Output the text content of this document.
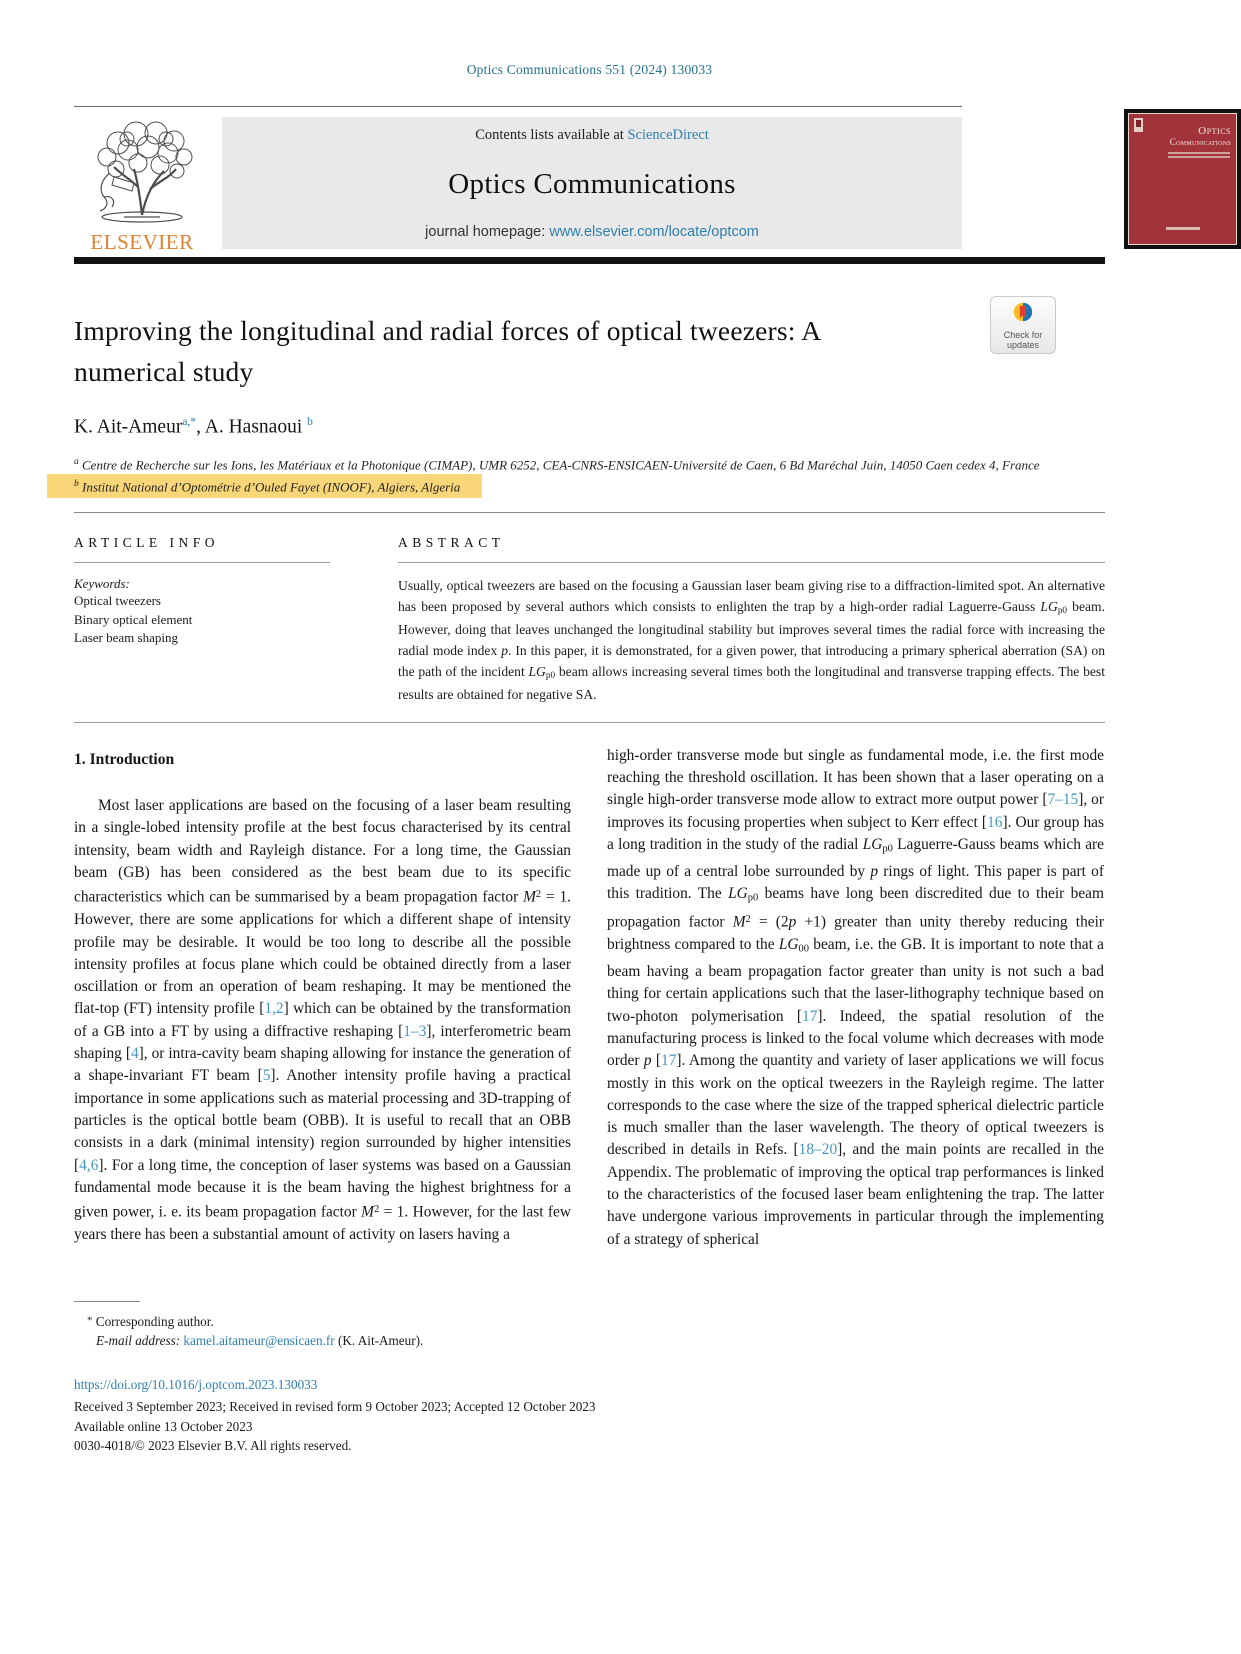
Optics Communications 551 (2024) 130033
ELSEVIER
Contents lists available at ScienceDirect
Optics Communications
journal homepage: www.elsevier.com/locate/optcom
Optics
Communications
Improving the longitudinal and radial forces of optical tweezers: A numerical study
Check for
updates
K. Ait-Ameur$^{a,*}$, A. Hasnaoui $^b$
$^a$ Centre de Recherche sur les Ions, les Matériaux et la Photonique (CIMAP), UMR 6252, CEA-CNRS-ENSICAEN-Université de Caen, 6 Bd Maréchal Juin, 14050 Caen cedex 4, France
$^b$ Institut National d’Optométrie d’Ouled Fayet (INOOF), Algiers, Algeria
ARTICLE INFO
Keywords:
Optical tweezers
Binary optical element
Laser beam shaping
ABSTRACT
Usually, optical tweezers are based on the focusing a Gaussian laser beam giving rise to a diffraction-limited spot. An alternative has been proposed by several authors which consists to enlighten the trap by a high-order radial Laguerre-Gauss LGp0 beam. However, doing that leaves unchanged the longitudinal stability but improves several times the radial force with increasing the radial mode index p. In this paper, it is demonstrated, for a given power, that introducing a primary spherical aberration (SA) on the path of the incident LGp0 beam allows increasing several times both the longitudinal and transverse trapping effects. The best results are obtained for negative SA.
1. Introduction

Most laser applications are based on the focusing of a laser beam resulting in a single-lobed intensity profile at the best focus characterised by its central intensity, beam width and Rayleigh distance. For a long time, the Gaussian beam (GB) has been considered as the best beam due to its specific characteristics which can be summarised by a beam propagation factor $M^2 = 1$. However, there are some applications for which a different shape of intensity profile may be desirable. It would be too long to describe all the possible intensity profiles at focus plane which could be obtained directly from a laser oscillation or from an operation of beam reshaping. It may be mentioned the flat-top (FT) intensity profile [1,2] which can be obtained by the transformation of a GB into a FT by using a diffractive reshaping [1–3], interferometric beam shaping [4], or intra-cavity beam shaping allowing for instance the generation of a shape-invariant FT beam [5]. Another intensity profile having a practical importance in some applications such as material processing and 3D-trapping of particles is the optical bottle beam (OBB). It is useful to recall that an OBB consists in a dark (minimal intensity) region surrounded by higher intensities [4,6]. For a long time, the conception of laser systems was based on a Gaussian fundamental mode because it is the beam having the highest brightness for a given power, i. e. its beam propagation factor $M^2 = 1$. However, for the last few years there has been a substantial amount of activity on lasers having a

high-order transverse mode but single as fundamental mode, i.e. the first mode reaching the threshold oscillation. It has been shown that a laser operating on a single high-order transverse mode allow to extract more output power [7–15], or improves its focusing properties when subject to Kerr effect [16]. Our group has a long tradition in the study of the radial LGp0 Laguerre-Gauss beams which are made up of a central lobe surrounded by p rings of light. This paper is part of this tradition. The LGp0 beams have long been discredited due to their beam propagation factor $M^2 = (2p +1)$ greater than unity thereby reducing their brightness compared to the LG00 beam, i.e. the GB. It is important to note that a beam having a beam propagation factor greater than unity is not such a bad thing for certain applications such that the laser-lithography technique based on two-photon polymerisation [17]. Indeed, the spatial resolution of the manufacturing process is linked to the focal volume which decreases with mode order p [17]. Among the quantity and variety of laser applications we will focus mostly in this work on the optical tweezers in the Rayleigh regime. The latter corresponds to the case where the size of the trapped spherical dielectric particle is much smaller than the laser wavelength. The theory of optical tweezers is described in details in Refs. [18–20], and the main points are recalled in the Appendix. The problematic of improving the optical trap performances is linked to the characteristics of the focused laser beam enlightening the trap. The latter have undergone various improvements in particular through the implementing of a strategy of spherical

* Corresponding author.
E-mail address: kamel.aitameur@ensicaen.fr (K. Ait-Ameur).
https://doi.org/10.1016/j.optcom.2023.130033
Received 3 September 2023; Received in revised form 9 October 2023; Accepted 12 October 2023
Available online 13 October 2023
0030-4018/© 2023 Elsevier B.V. All rights reserved.
